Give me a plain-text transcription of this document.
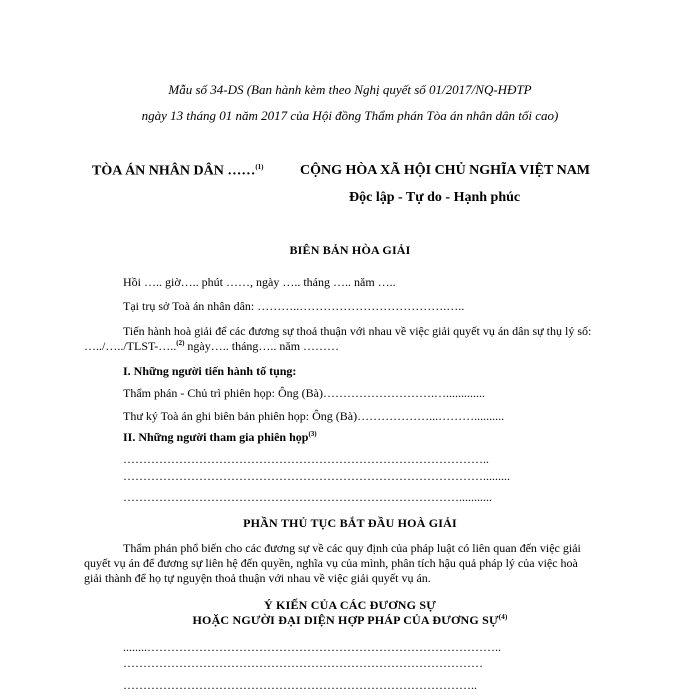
Mẫu số 34-DS (Ban hành kèm theo Nghị quyết số 01/2017/NQ-HĐTP
ngày 13 tháng 01 năm 2017 của Hội đồng Thẩm phán Tòa án nhân dân tối cao)
TÒA ÁN NHÂN DÂN ……$^{(1)}$	CỘNG HÒA XÃ HỘI CHỦ NGHĨA VIỆT NAM
Độc lập - Tự do - Hạnh phúc
BIÊN BẢN HÒA GIẢI
Hồi ….. giờ….. phút ……, ngày ….. tháng ….. năm …..
Tại trụ sở Toà án nhân dân: ………..……………………………….…..
Tiến hành hoà giải để các đương sự thoả thuận với nhau về việc giải quyết vụ án dân sự thụ lý số:
…../…../TLST-…..$^{(2)}$ ngày….. tháng….. năm ………
I. Những người tiến hành tố tụng:
Thẩm phán - Chủ trì phiên họp: Ông (Bà)……………………….….............
Thư ký Toà án ghi biên bản phiên họp: Ông (Bà)………………...………..........
II. Những người tham gia phiên họp$^{(3)}$
………………………………………………………………………………..
……………………………………………………………………………….........
…………………………………………………………………………...........
PHẦN THỦ TỤC BẮT ĐẦU HOÀ GIẢI
Thẩm phán phổ biến cho các đương sự về các quy định của pháp luật có liên quan đến việc giải
quyết vụ án để đương sự liên hệ đến quyền, nghĩa vụ của mình, phân tích hậu quả pháp lý của việc hoà
giải thành để họ tự nguyện thoả thuận với nhau về việc giải quyết vụ án.
Ý KIẾN CỦA CÁC ĐƯƠNG SỰ
HOẶC NGƯỜI ĐẠI DIỆN HỢP PHÁP CỦA ĐƯƠNG SỰ$^{(4)}$
........……………………………………………………………………………..
………………………………………………………………………………
……………………………………………………………………………..
